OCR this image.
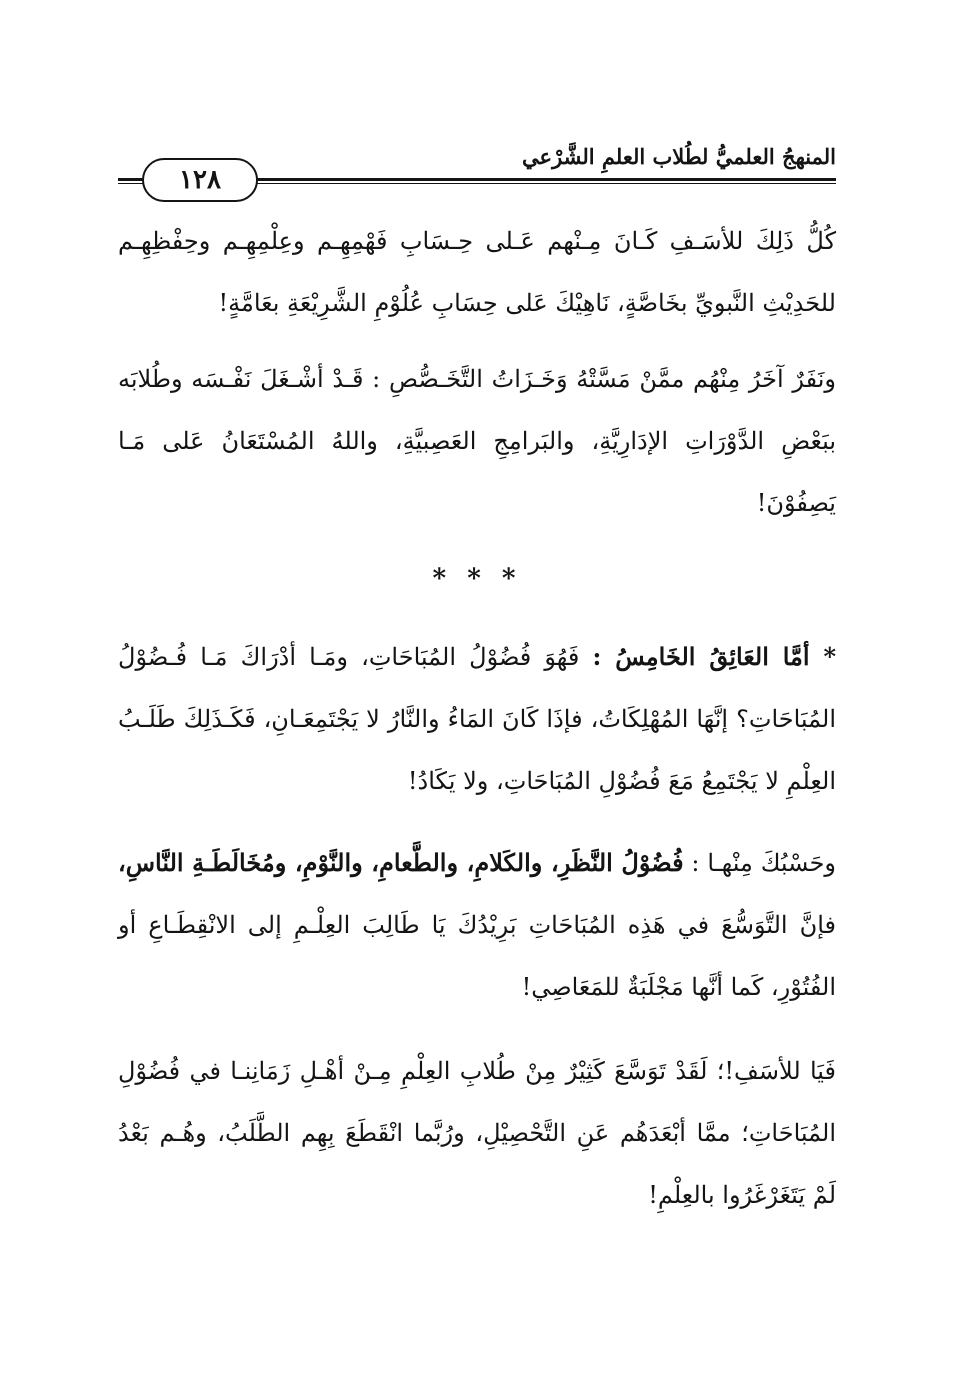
المنهجُ العلميُّ لطُلاب العلمِ الشَّرْعي
١٢٨

كُلُّ ذَلِكَ للأسَـفِ كَـانَ مِـنْهم عَـلى حِـسَابِ فَهْمِهِـم وعِلْمِهِـم وحِفْظِهِـم للحَدِيْثِ النَّبويِّ بخَاصَّةٍ، نَاهِيْكَ عَلى حِسَابِ عُلُوْمِ الشَّرِيْعَةِ بعَامَّةٍ!

ونَفَرٌ آخَرُ مِنْهُم ممَّنْ مَسَّتْهُ وَخَـزَاتُ التَّخَـصُّصِ : قَـدْ أشْـغَلَ نَفْـسَه وطُلابَه ببَعْضِ الدَّوْرَاتِ الإدَارِيَّةِ، والبَرامِجِ العَصِبيَّةِ، واللهُ المُسْتَعَانُ عَلى مَـا يَصِفُوْنَ!

* * *

* أمَّا العَائِقُ الخَامِسُ : فَهُوَ فُضُوْلُ المُبَاحَاتِ، ومَـا أدْرَاكَ مَـا فُـضُوْلُ المُبَاحَاتِ؟ إنَّهَا المُهْلِكَاتُ، فإذَا كَانَ المَاءُ والنَّارُ لا يَجْتَمِعَـانِ، فَكَـذَلِكَ طَلَـبُ العِلْمِ لا يَجْتَمِعُ مَعَ فُضُوْلِ المُبَاحَاتِ، ولا يَكَادُ!

وحَسْبُكَ مِنْهـا : فُضُوْلُ النَّظَرِ، والكَلامِ، والطَّعامِ، والنَّوْمِ، ومُخَالَطَـةِ النَّاسِ، فإنَّ التَّوَسُّعَ في هَذِه المُبَاحَاتِ بَرِيْدُكَ يَا طَالِبَ العِلْـمِ إلى الانْقِطَـاعِ أو الفُتُوْرِ، كَما أنَّها مَجْلَبَةٌ للمَعَاصِي!

فَيَا للأسَفِ!؛ لَقَدْ تَوَسَّعَ كَثِيْرٌ مِنْ طُلابِ العِلْمِ مِـنْ أهْـلِ زَمَانِنـا في فُضُوْلِ المُبَاحَاتِ؛ ممَّا أبْعَدَهُم عَنِ التَّحْصِيْلِ، ورُبَّما انْقَطَعَ بِهِم الطَّلَبُ، وهُـم بَعْدُ لَمْ يَتَغَرْغَرُوا بالعِلْمِ!
